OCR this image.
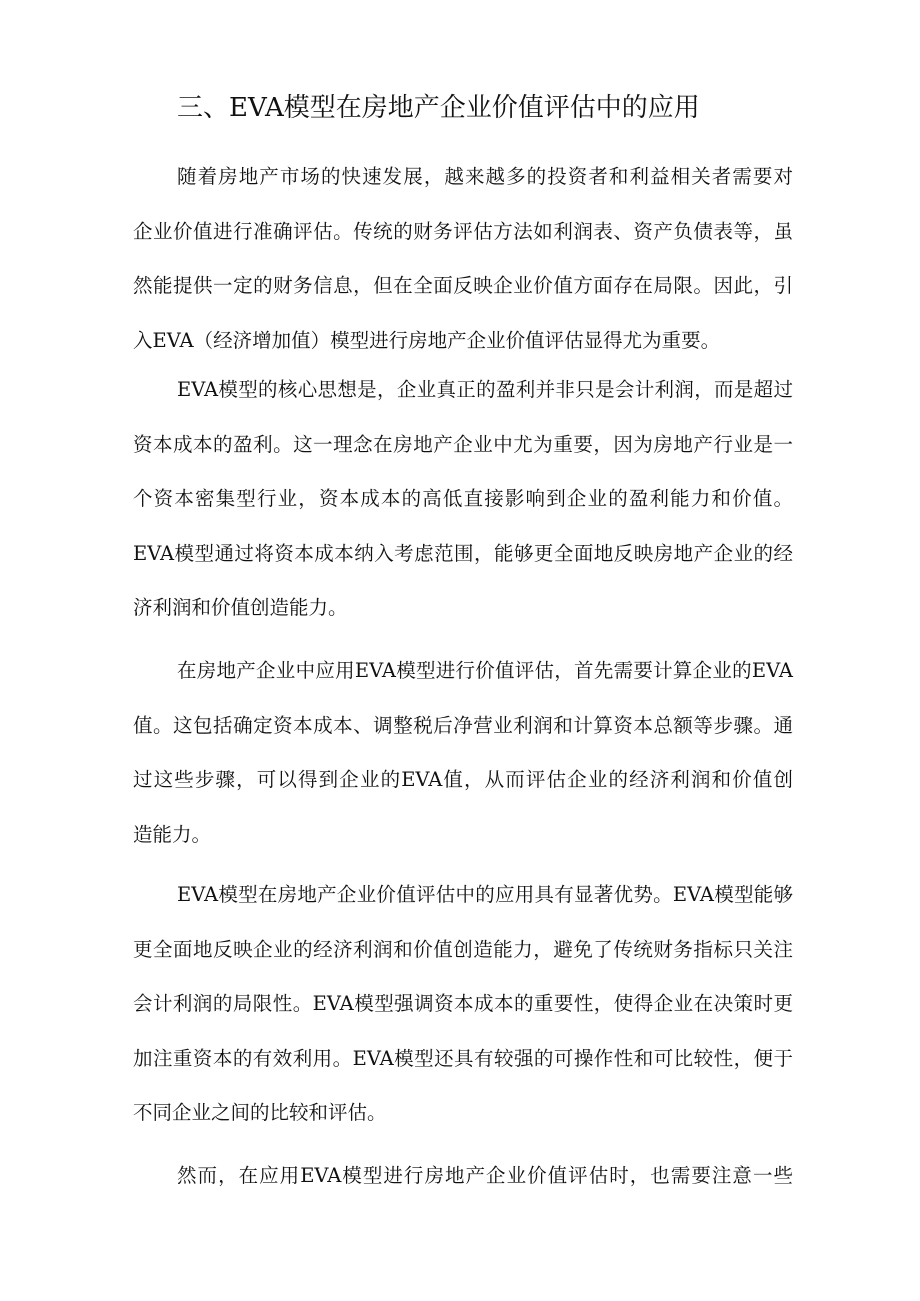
三、EVA模型在房地产企业价值评估中的应用
随着房地产市场的快速发展，越来越多的投资者和利益相关者需要对
企业价值进行准确评估。传统的财务评估方法如利润表、资产负债表等，虽
然能提供一定的财务信息，但在全面反映企业价值方面存在局限。因此，引
入EVA（经济增加值）模型进行房地产企业价值评估显得尤为重要。
EVA模型的核心思想是，企业真正的盈利并非只是会计利润，而是超过
资本成本的盈利。这一理念在房地产企业中尤为重要，因为房地产行业是一
个资本密集型行业，资本成本的高低直接影响到企业的盈利能力和价值。
EVA模型通过将资本成本纳入考虑范围，能够更全面地反映房地产企业的经
济利润和价值创造能力。
在房地产企业中应用EVA模型进行价值评估，首先需要计算企业的EVA
值。这包括确定资本成本、调整税后净营业利润和计算资本总额等步骤。通
过这些步骤，可以得到企业的EVA值，从而评估企业的经济利润和价值创
造能力。
EVA模型在房地产企业价值评估中的应用具有显著优势。EVA模型能够
更全面地反映企业的经济利润和价值创造能力，避免了传统财务指标只关注
会计利润的局限性。EVA模型强调资本成本的重要性，使得企业在决策时更
加注重资本的有效利用。EVA模型还具有较强的可操作性和可比较性，便于
不同企业之间的比较和评估。
然而，在应用EVA模型进行房地产企业价值评估时，也需要注意一些
